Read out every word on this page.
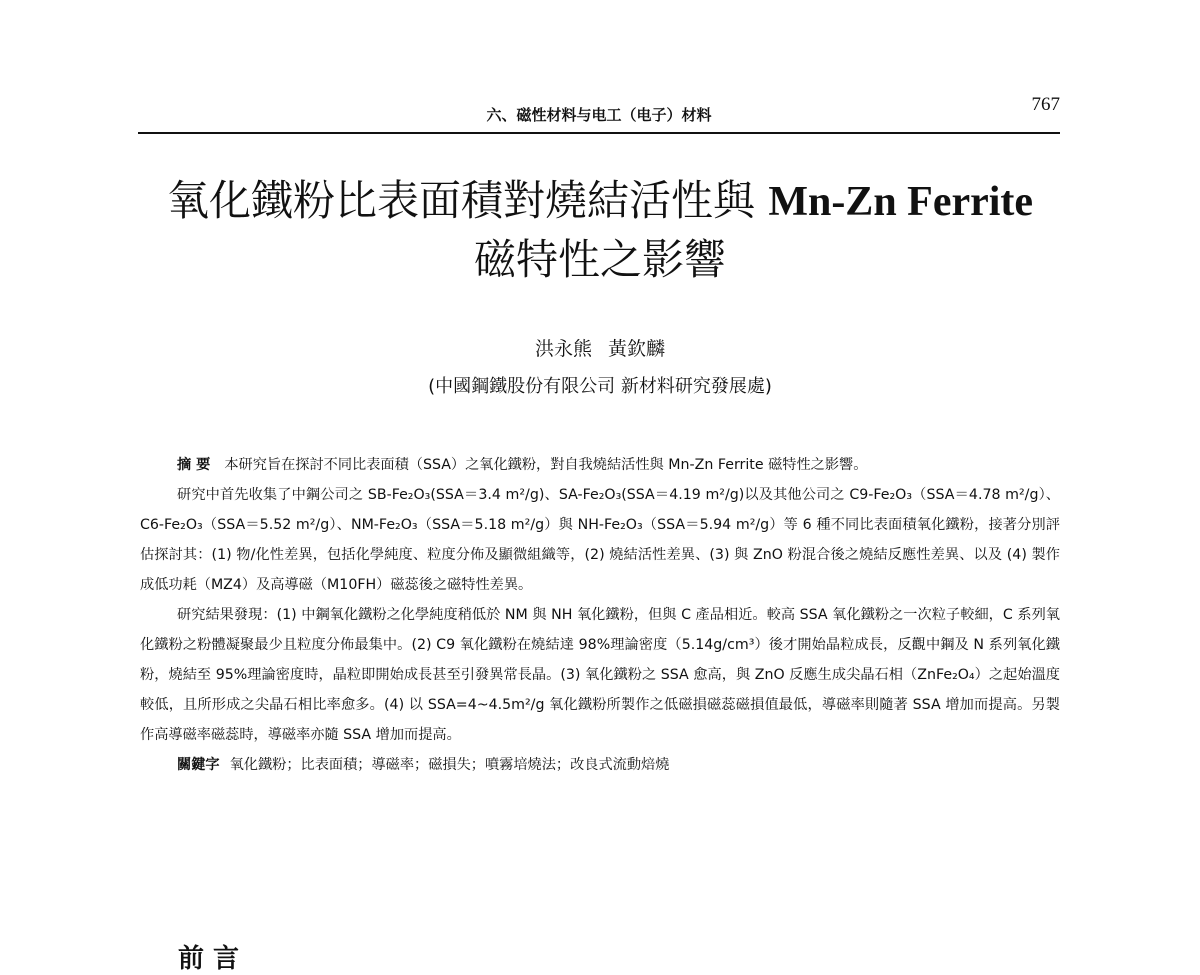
六、磁性材料与电工（电子）材料	767
氧化鐵粉比表面積對燒結活性與 Mn-Zn Ferrite
磁特性之影響
洪永熊 黃欽麟
(中國鋼鐵股份有限公司 新材料研究發展處)

摘 要 本研究旨在探討不同比表面積（SSA）之氧化鐵粉，對自我燒結活性與 Mn-Zn Ferrite 磁特性之影響。

研究中首先收集了中鋼公司之 SB-Fe₂O₃(SSA＝3.4 m²/g)、SA-Fe₂O₃(SSA＝4.19 m²/g)以及其他公司之 C9-Fe₂O₃（SSA＝4.78 m²/g）、C6-Fe₂O₃（SSA＝5.52 m²/g）、NM-Fe₂O₃（SSA＝5.18 m²/g）與 NH-Fe₂O₃（SSA＝5.94 m²/g）等 6 種不同比表面積氧化鐵粉，接著分別評估探討其：(1) 物/化性差異，包括化學純度、粒度分佈及顯微組織等，(2) 燒結活性差異、(3) 與 ZnO 粉混合後之燒結反應性差異、以及 (4) 製作成低功耗（MZ4）及高導磁（M10FH）磁蕊後之磁特性差異。

研究結果發現：(1) 中鋼氧化鐵粉之化學純度稍低於 NM 與 NH 氧化鐵粉，但與 C 產品相近。較高 SSA 氧化鐵粉之一次粒子較細，C 系列氧化鐵粉之粉體凝聚最少且粒度分佈最集中。(2) C9 氧化鐵粉在燒結達 98%理論密度（5.14g/cm³）後才開始晶粒成長，反觀中鋼及 N 系列氧化鐵粉，燒結至 95%理論密度時，晶粒即開始成長甚至引發異常長晶。(3) 氧化鐵粉之 SSA 愈高，與 ZnO 反應生成尖晶石相（ZnFe₂O₄）之起始溫度較低，且所形成之尖晶石相比率愈多。(4) 以 SSA=4~4.5m²/g 氧化鐵粉所製作之低磁損磁蕊磁損值最低，導磁率則隨著 SSA 增加而提高。另製作高導磁率磁蕊時，導磁率亦隨 SSA 增加而提高。

關鍵字 氧化鐵粉；比表面積；導磁率；磁損失；噴霧培燒法；改良式流動焙燒

前 言
